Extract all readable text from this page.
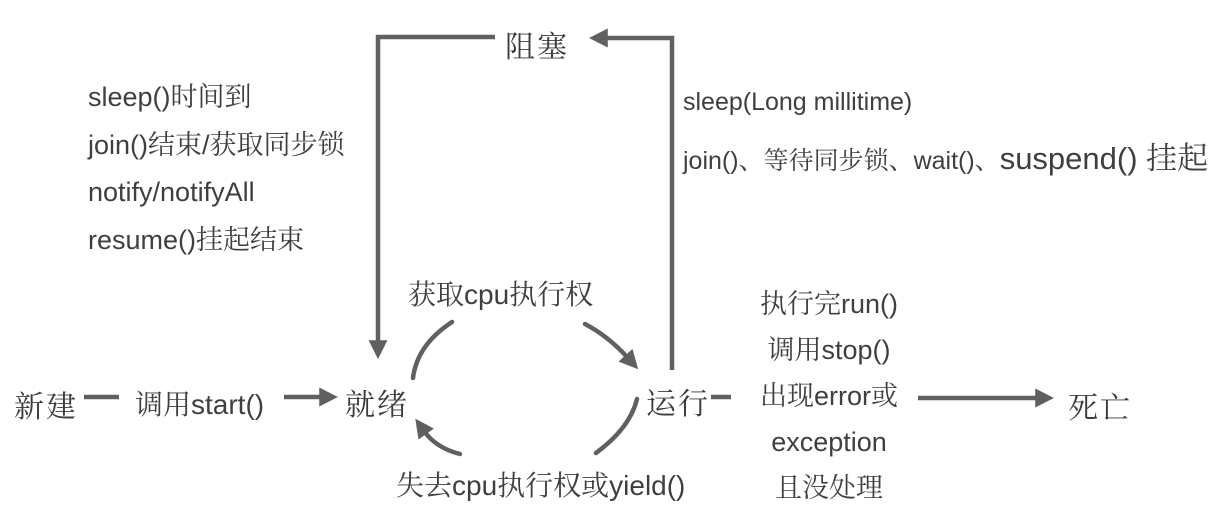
阻塞
新建	就绪	运行	死亡
sleep()时间到
join()结束/获取同步锁
notify/notifyAll
resume()挂起结束
sleep(Long millitime)
join()、等待同步锁、wait()、suspend() 挂起
调用start()
获取cpu执行权
失去cpu执行权或yield()
执行完run()
调用stop()
出现error或
exception
且没处理
